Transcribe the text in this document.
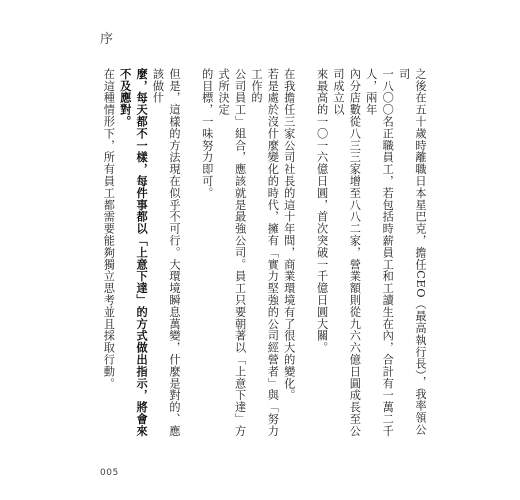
序

之後在五十歲時離職日本星巴克，擔任CEO（最高執行長），我率領公司

一八〇〇名正職員工，若包括時薪員工和工讀生在內，合計有一萬二千人，兩年

內分店數從八三三家增至八八二家，營業額則從九六六億日圓成長至公司成立以

來最高的一〇一六億日圓，首次突破一千億日圓大關。

在我擔任三家公司社長的這十年間，商業環境有了很大的變化。

若是處於沒什麼變化的時代，擁有「實力堅強的公司經營者」與「努力工作的

公司員工」組合，應該就是最強公司。員工只要朝著以「上意下達」方式所決定

的目標，一味努力即可。

但是，這樣的方法現在似乎不可行。大環境瞬息萬變，什麼是對的、應該做什

麼，每天都不一樣，每件事都以「上意下達」的方式做出指示，將會來不及應對。

在這種情形下，所有員工都需要能夠獨立思考並且採取行動。

005
